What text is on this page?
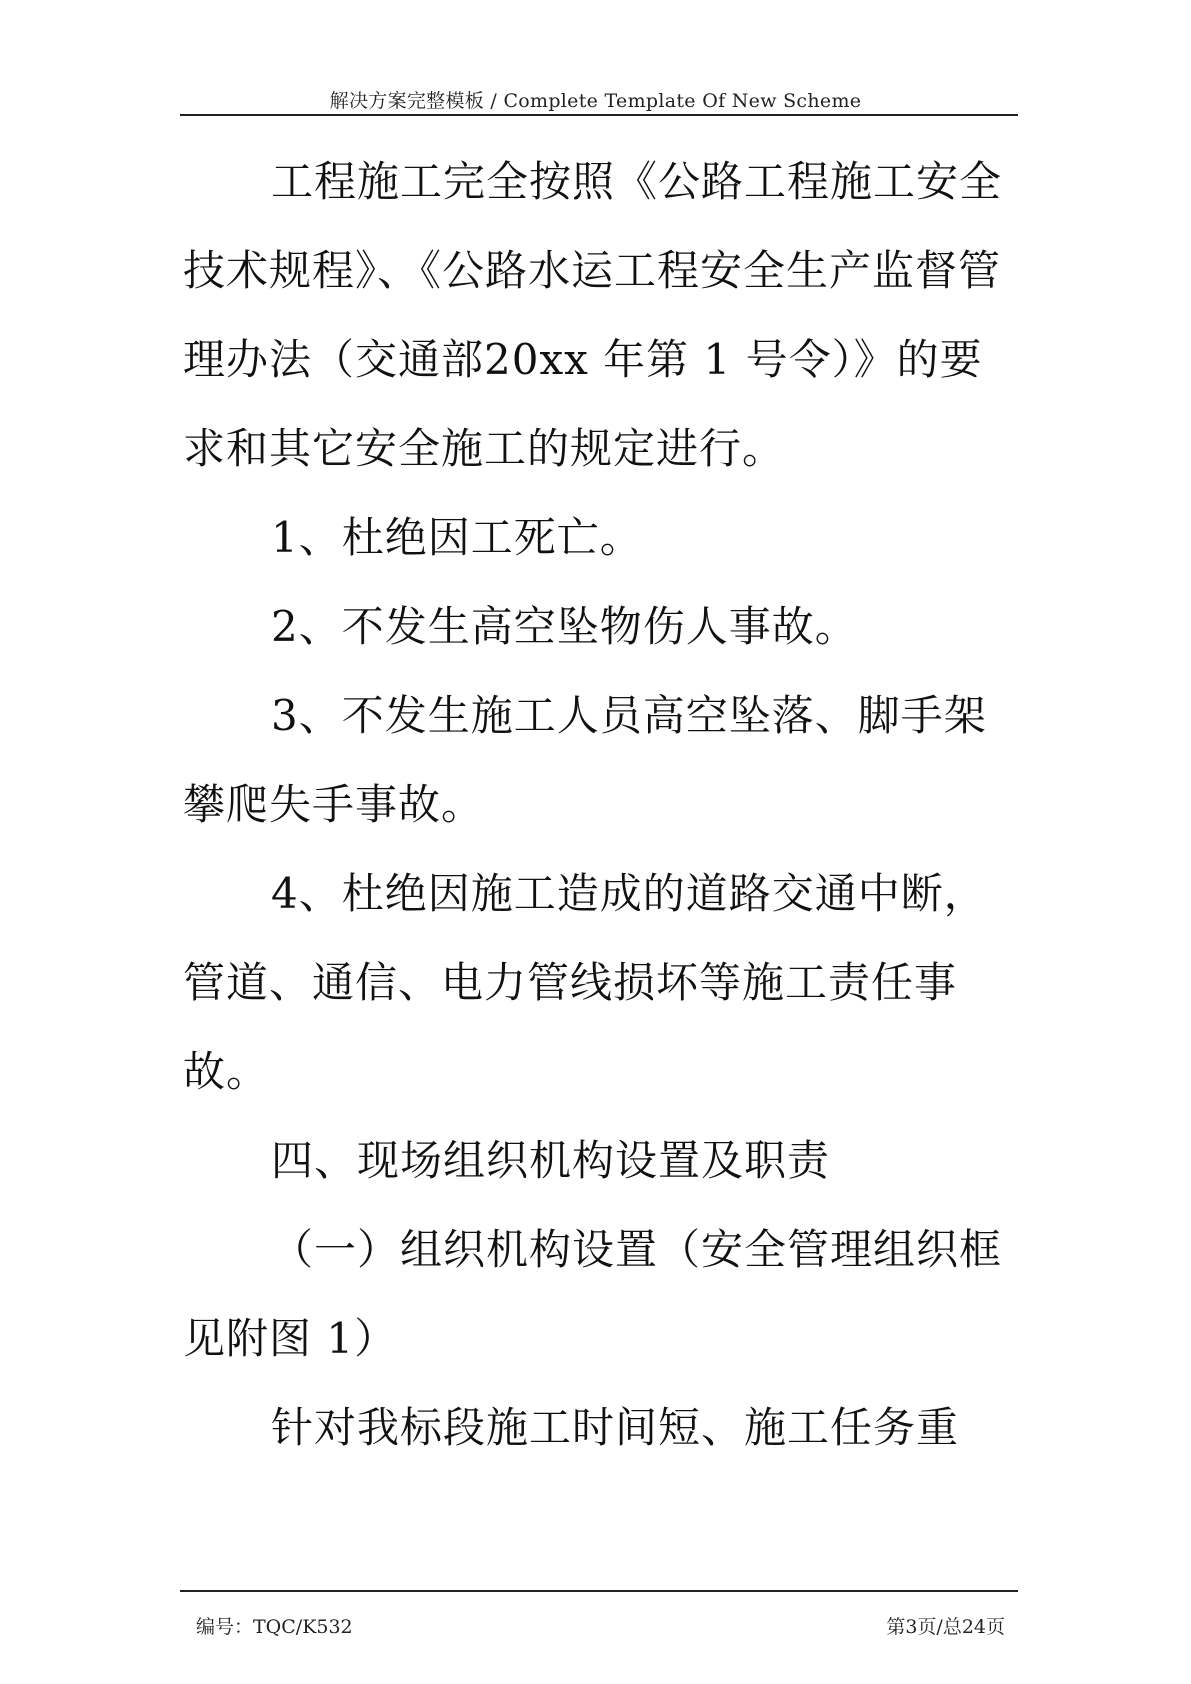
解决方案完整模板 / Complete Template Of New Scheme

工程施工完全按照《公路工程施工安全技术规程》、《公路水运工程安全生产监督管理办法（交通部20xx 年第 1 号令）》的要求和其它安全施工的规定进行。

1、杜绝因工死亡。

2、不发生高空坠物伤人事故。

3、不发生施工人员高空坠落、脚手架攀爬失手事故。

4、杜绝因施工造成的道路交通中断，管道、通信、电力管线损坏等施工责任事故。

四、现场组织机构设置及职责

（一）组织机构设置（安全管理组织框见附图 1）

针对我标段施工时间短、施工任务重

编号：TQC/K532	第3页/总24页
